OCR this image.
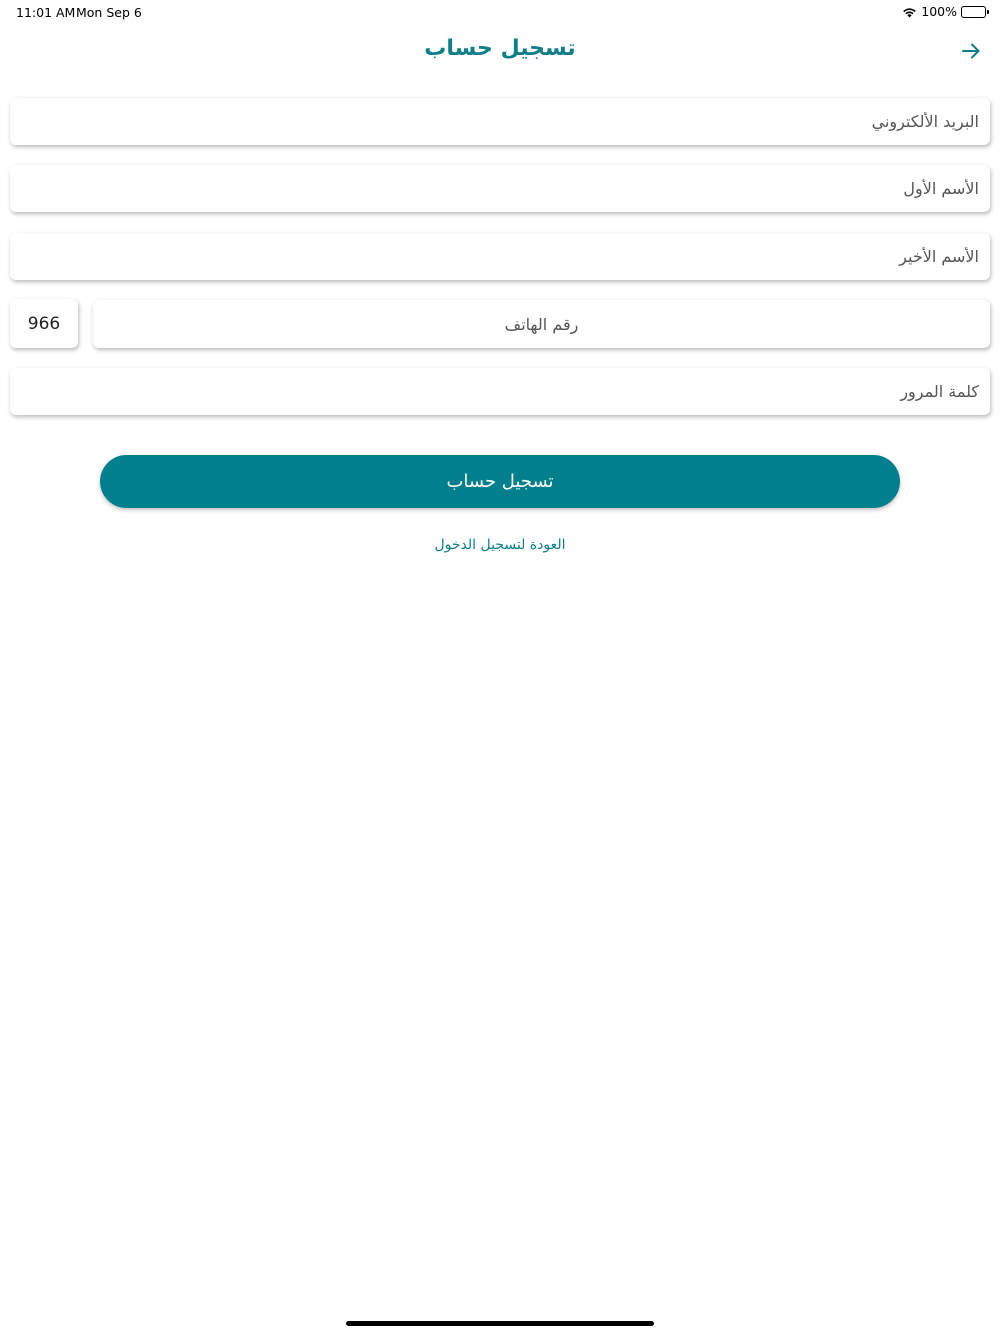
11:01 AM Mon Sep 6	100%
تسجيل حساب
البريد الألكتروني
الأسم الأول
الأسم الأخير
966
رقم الهاتف
تسجيل حساب
العودة لتسجيل الدخول
